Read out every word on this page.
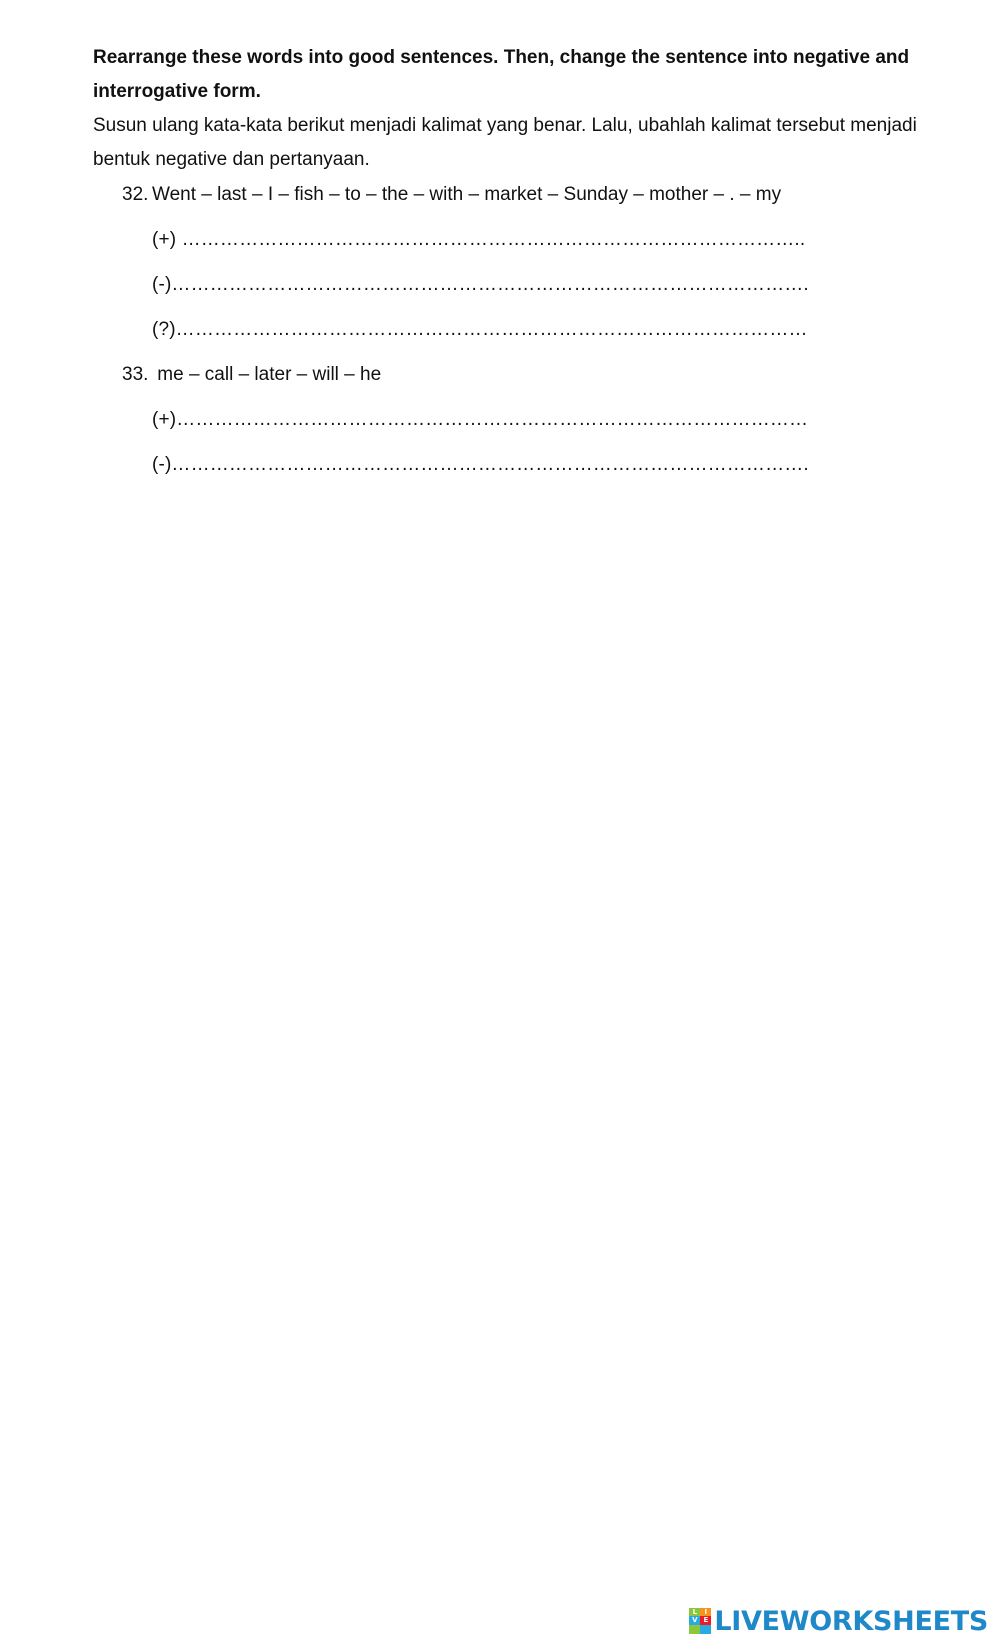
Rearrange these words into good sentences. Then, change the sentence into negative and interrogative form.

Susun ulang kata-kata berikut menjadi kalimat yang benar. Lalu, ubahlah kalimat tersebut menjadi bentuk negative dan pertanyaan.

32. Went – last – I – fish – to – the – with – market – Sunday – mother – . – my
(+) ……………………………………………………………………………………..
(-)……………………………………………………………………………………….
(?)………………………………………………………………………………………
33. me – call – later – will – he
(+)………………………………………………………………………………………
(-)……………………………………………………………………………………….
L	I
V E LIVEWORKSHEETS
